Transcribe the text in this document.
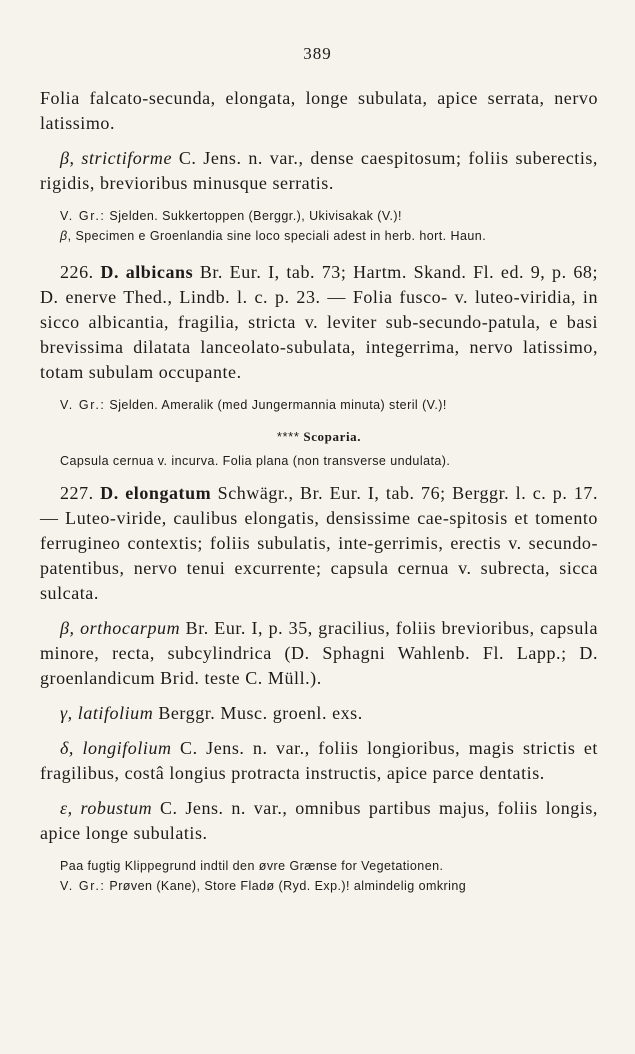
389

Folia falcato-secunda, elongata, longe subulata, apice serrata, nervo latissimo.

β, strictiforme C. Jens. n. var., dense caespitosum; foliis suberectis, rigidis, brevioribus minusque serratis.

V. Gr.: Sjelden. Sukkertoppen (Berggr.), Ukivisakak (V.)!
β, Specimen e Groenlandia sine loco speciali adest in herb. hort. Haun.

226. D. albicans Br. Eur. I, tab. 73; Hartm. Skand. Fl. ed. 9, p. 68; D. enerve Thed., Lindb. l. c. p. 23. — Folia fusco- v. luteo-viridia, in sicco albicantia, fragilia, stricta v. leviter sub-secundo-patula, e basi brevissima dilatata lanceolato-subulata, integerrima, nervo latissimo, totam subulam occupante.

V. Gr.: Sjelden. Ameralik (med Jungermannia minuta) steril (V.)!

**** Scoparia.

Capsula cernua v. incurva. Folia plana (non transverse undulata).

227. D. elongatum Schwägr., Br. Eur. I, tab. 76; Berggr. l. c. p. 17. — Luteo-viride, caulibus elongatis, densissime cae-spitosis et tomento ferrugineo contextis; foliis subulatis, inte-gerrimis, erectis v. secundo-patentibus, nervo tenui excurrente; capsula cernua v. subrecta, sicca sulcata.

β, orthocarpum Br. Eur. I, p. 35, gracilius, foliis brevioribus, capsula minore, recta, subcylindrica (D. Sphagni Wahlenb. Fl. Lapp.; D. groenlandicum Brid. teste C. Müll.).

γ, latifolium Berggr. Musc. groenl. exs.

δ, longifolium C. Jens. n. var., foliis longioribus, magis strictis et fragilibus, costâ longius protracta instructis, apice parce dentatis.

ε, robustum C. Jens. n. var., omnibus partibus majus, foliis longis, apice longe subulatis.

Paa fugtig Klippegrund indtil den øvre Grænse for Vegetationen.

V. Gr.: Prøven (Kane), Store Fladø (Ryd. Exp.)! almindelig omkring
